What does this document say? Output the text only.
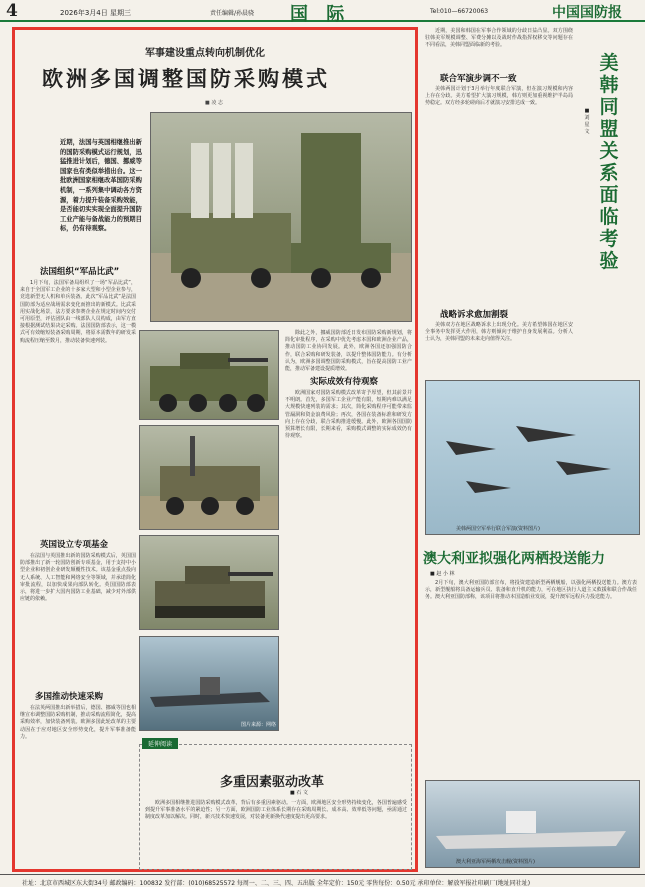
4	2026年3月4日 星期三	责任编辑/孙晨骁 国 际	Tel:010—66720063	中国国防报
军事建设重点转向机制优化
欧洲多国调整国防采购模式
■ 凌 志
近期，法国与英国相继推出新的国防采购模式运行规划，迅猛推进计划后，德国、挪威等国家也有类似举措出台。这一批欧洲国家相继改革国防采购机制，一系列集中调动各方资源，着力提升装备采购效能，是否能切实实现全面提升国防工业产能与备战能力的预期目标，仍有待观察。
法国组织“军品比武”

1月下旬，法国军备局组织了一场“军品比武”，来自于全国军工企业的十多家大型和小型企业参与，竞选新型无人机和单兵装备。此次“军品比武”是法国国防部为适应战场需求变化而推出的新模式。比武采用实战化场景，法方要求参赛企业在规定时间内交付可用原型，评估团队由一线部队人员构成，由军方直接根据测试结果决定采购。法国国防部表示，这一模式可有效缩短装备采购周期，将原本需数年的研发采购流程压缩至数月，推动装备快速列装。

英国设立专项基金

在法国与英国推出新的国防采购模式后，英国国防部推出了新一轮国防创新专项基金，用于支持中小型企业和初创企业研发颠覆性技术。该基金重点投向无人系统、人工智能和网络安全等领域，并承诺简化审批流程，以加快成果向部队转化。英国国防部表示，将进一步扩大国内国防工业基础，减少对外部供应链的依赖。

多国推动快速采购

在法英两国推出新举措后，德国、挪威等国也相继宣布调整国防采购机制，推动采购流程简化，提高采购效率，加快装备列装。欧洲多国此轮改革的主要动因在于应对地区安全形势变化，提升军事准备能力。

图片来源：网络

除此之外，挪威国防部近日发布国防采购新规划，将简化审批程序，在采购中优先考虑本国和欧洲企业产品，推动国防工业协同发展。此外，欧洲各国还加强国防合作，联合采购和研发装备，以提升整体国防能力。有分析认为，欧洲多国调整国防采购模式，旨在提高国防工业产能，推动军备建设提质增效。

实际成效有待观察

欧洲国家对国防采购模式改革寄予厚望，但其前景并不明朗。首先，多国军工企业产能有限，短期内难以满足大规模快速列装的需求；其次，简化采购程序可能带来监管漏洞和资金浪费风险；再次，各国在装备标准和研发方向上存在分歧，联合采购推进缓慢。此外，欧洲各国国防预算增长有限，长期来看，采购模式调整的实际成效仍有待观察。

延伸阅读
多重因素驱动改革
■ 石 文

欧洲多国相继推进国防采购模式改革，背后有多重因素驱动。一方面，欧洲地区安全形势持续变化，各国普遍感受到提升军事准备水平的紧迫性；另一方面，欧洲国防工业体系长期存在采购周期长、成本高、效率低等问题，亟需通过制度改革加以解决。同时，新兴技术快速发展，对装备更新换代速度提出更高要求。

近期，美国和韩国在军事合作领域的分歧日益凸显。双方围绕驻韩美军规模调整、军费分摊以及战时作战指挥权移交等问题存在不同看法，美韩同盟面临新的考验。

联合军演步调不一致

美韩两国计划于3月举行年度联合军演，但在演习规模和内容上存在分歧。美方希望扩大演习规模，韩方则更加重视维护半岛局势稳定。双方经多轮磋商后才就演习安排达成一致。

战略诉求愈加割裂

美韩双方在地区战略诉求上出现分化。美方希望韩国在地区安全事务中发挥更大作用，韩方则倾向于维护自身发展利益。分析人士认为，美韩同盟的未来走向值得关注。

美韩同盟关系面临考验
■ 刘 星 文
美韩两国空军举行联合军演(资料图片)
澳大利亚拟强化两栖投送能力
■ 赵 小 林

2月下旬，澳大利亚国防部宣布，将投资建造新型两栖舰船，以强化两栖投送能力。澳方表示，新型舰船将具备运输兵员、装备和直升机的能力，可在地区执行人道主义救援和联合作战任务。澳大利亚国防部称，该项目将推动本国造船业发展，提升澳军远程兵力投送能力。

澳大利亚海军两栖攻击舰(资料图片)
社址：北京市西城区东大街34号 邮政编码：100832 发行部：(010)68525572 每周一、二、三、四、五出版 全年定价：150元 零售每份：0.50元 承印单位：解放军报社印刷厂(地址同社址)
